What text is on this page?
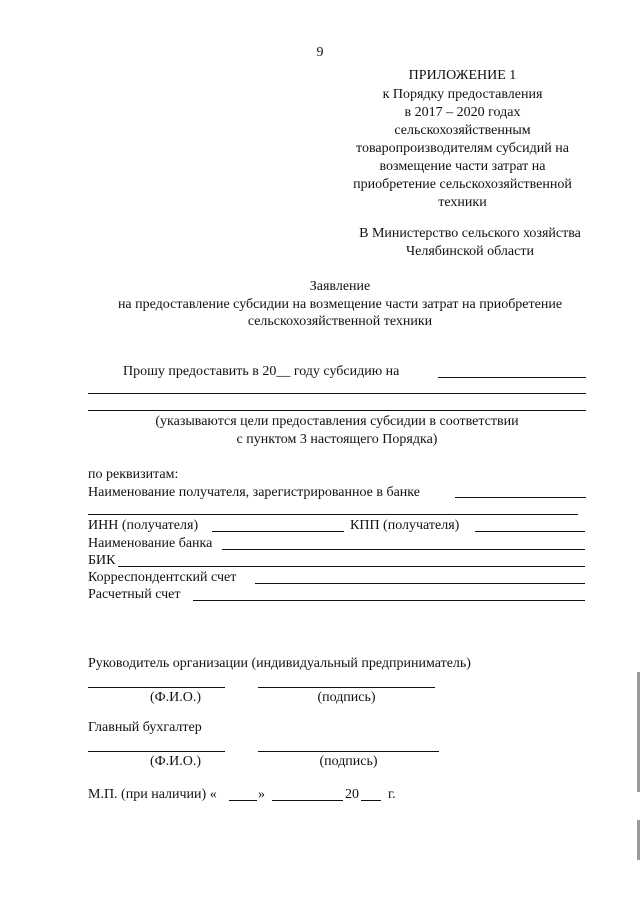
9
ПРИЛОЖЕНИЕ 1
к Порядку предоставления
в 2017 – 2020 годах
сельскохозяйственным
товаропроизводителям субсидий на
возмещение части затрат на
приобретение сельскохозяйственной
техники
В Министерство сельского хозяйства
Челябинской области
Заявление
на предоставление субсидии на возмещение части затрат на приобретение
сельскохозяйственной техники
Прошу предоставить в 20__ году субсидию на
(указываются цели предоставления субсидии в соответствии
с пунктом 3 настоящего Порядка)
по реквизитам:
Наименование получателя, зарегистрированное в банке
ИНН (получателя)	КПП (получателя)
Наименование банка
БИК
Корреспондентский счет
Расчетный счет
Руководитель организации (индивидуальный предприниматель)
(Ф.И.О.)	(подпись)
Главный бухгалтер
(Ф.И.О.)	(подпись)
М.П. (при наличии) «	»	20 г.
